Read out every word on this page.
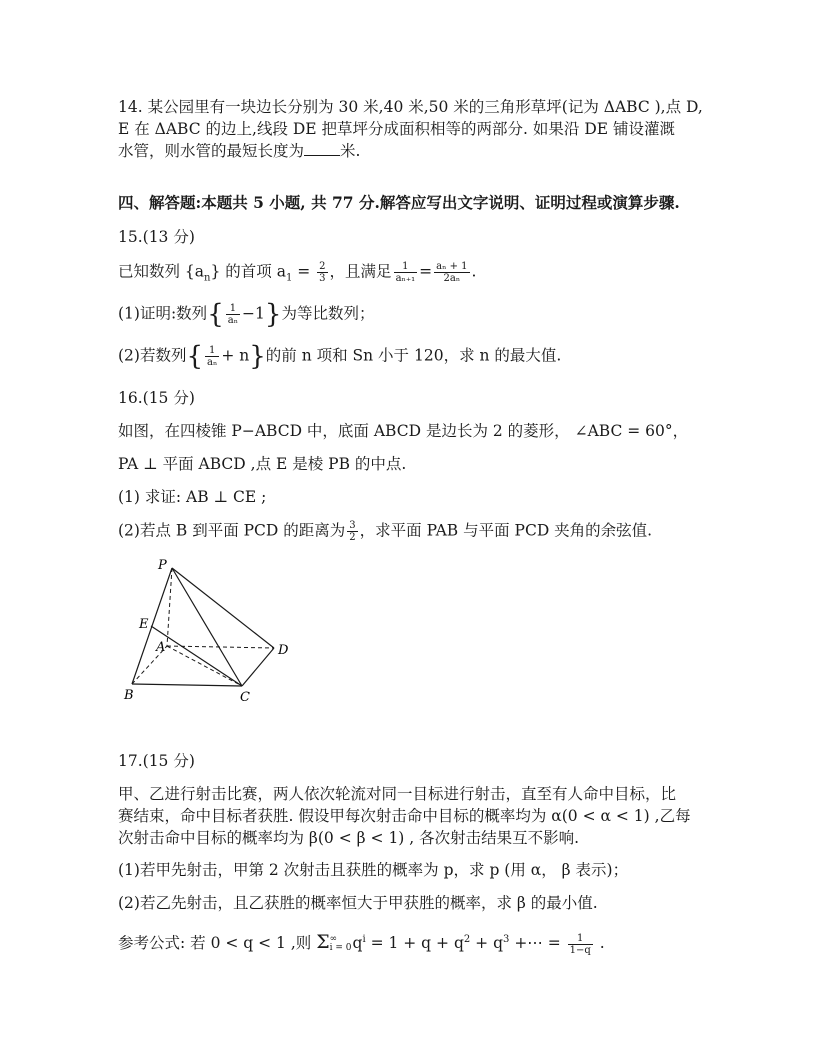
14. 某公园里有一块边长分别为 30 米,40 米,50 米的三角形草坪(记为 ΔABC ),点 D,
E 在 ΔABC 的边上,线段 DE 把草坪分成面积相等的两部分. 如果沿 DE 铺设灌溉
水管，则水管的最短长度为 米.
四、解答题:本题共 5 小题, 共 77 分.解答应写出文字说明、证明过程或演算步骤.
15.(13 分)
已知数列 $\{a_n\}$ 的首项 $a_1 = \frac{2}{3}$ ，且满足 $\frac{1}{\text{aₙ₊₁}} = \frac{\text{aₙ + 1}}{\text{2aₙ}}$ .
(1)证明:数列{ $\frac{1}{\text{aₙ}} -1$}为等比数列；
(2)若数列{ $\frac{1}{\text{aₙ}} + n$}的前 n 项和 Sn 小于 120，求 n 的最大值.
16.(15 分)
如图，在四棱锥 P−ABCD 中，底面 ABCD 是边长为 2 的菱形， ∠ABC = 60°，
PA ⊥ 平面 ABCD ,点 E 是棱 PB 的中点.
(1) 求证: AB ⊥ CE ;
(2)若点 B 到平面 PCD 的距离为 $\frac{3}{2}$ ，求平面 PAB 与平面 PCD 夹角的余弦值.
P
E
A	D
B	C
17.(15 分)
甲、乙进行射击比赛，两人依次轮流对同一目标进行射击，直至有人命中目标，比
赛结束，命中目标者获胜. 假设甲每次射击命中目标的概率均为 α(0 < α < 1) ,乙每
次射击命中目标的概率均为 β(0 < β < 1) , 各次射击结果互不影响.
(1)若甲先射击，甲第 2 次射击且获胜的概率为 p，求 p (用 α， β 表示)；
(2)若乙先射击，且乙获胜的概率恒大于甲获胜的概率，求 β 的最小值.
参考公式: 若 0 < q < 1 ,则 Σ ∞
i = 0 $q^i = 1 + q + q^2 + q^3$ +⋯ = $\frac{1}{1-q}$ .
